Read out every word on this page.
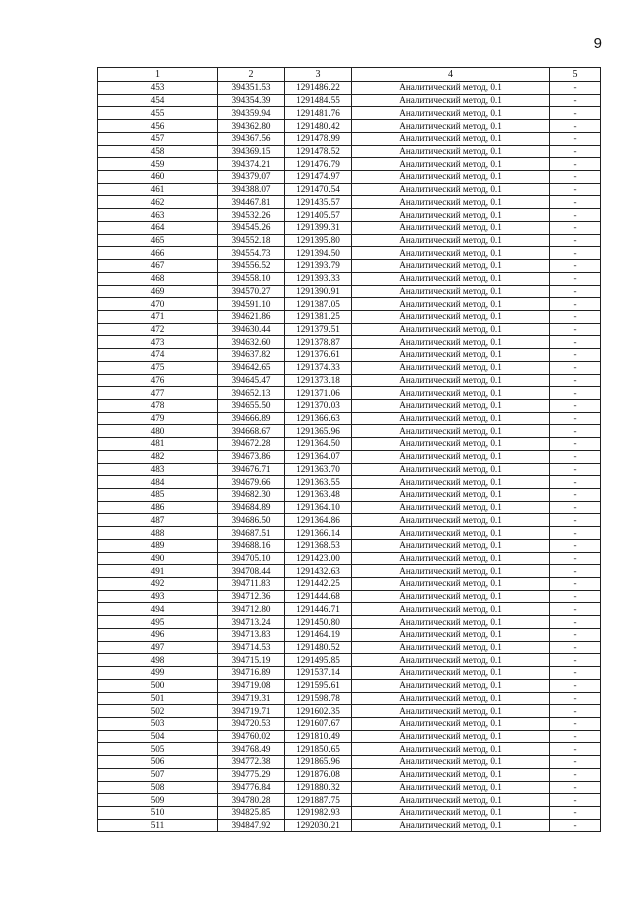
9
1	2	3	4	5
453	394351.53	1291486.22	Аналитический метод, 0.1	-
454	394354.39	1291484.55	Аналитический метод, 0.1	-
455	394359.94	1291481.76	Аналитический метод, 0.1	-
456	394362.80	1291480.42	Аналитический метод, 0.1	-
457	394367.56	1291478.99	Аналитический метод, 0.1	-
458	394369.15	1291478.52	Аналитический метод, 0.1	-
459	394374.21	1291476.79	Аналитический метод, 0.1	-
460	394379.07	1291474.97	Аналитический метод, 0.1	-
461	394388.07	1291470.54	Аналитический метод, 0.1	-
462	394467.81	1291435.57	Аналитический метод, 0.1	-
463	394532.26	1291405.57	Аналитический метод, 0.1	-
464	394545.26	1291399.31	Аналитический метод, 0.1	-
465	394552.18	1291395.80	Аналитический метод, 0.1	-
466	394554.73	1291394.50	Аналитический метод, 0.1	-
467	394556.52	1291393.79	Аналитический метод, 0.1	-
468	394558.10	1291393.33	Аналитический метод, 0.1	-
469	394570.27	1291390.91	Аналитический метод, 0.1	-
470	394591.10	1291387.05	Аналитический метод, 0.1	-
471	394621.86	1291381.25	Аналитический метод, 0.1	-
472	394630.44	1291379.51	Аналитический метод, 0.1	-
473	394632.60	1291378.87	Аналитический метод, 0.1	-
474	394637.82	1291376.61	Аналитический метод, 0.1	-
475	394642.65	1291374.33	Аналитический метод, 0.1	-
476	394645.47	1291373.18	Аналитический метод, 0.1	-
477	394652.13	1291371.06	Аналитический метод, 0.1	-
478	394655.50	1291370.03	Аналитический метод, 0.1	-
479	394666.89	1291366.63	Аналитический метод, 0.1	-
480	394668.67	1291365.96	Аналитический метод, 0.1	-
481	394672.28	1291364.50	Аналитический метод, 0.1	-
482	394673.86	1291364.07	Аналитический метод, 0.1	-
483	394676.71	1291363.70	Аналитический метод, 0.1	-
484	394679.66	1291363.55	Аналитический метод, 0.1	-
485	394682.30	1291363.48	Аналитический метод, 0.1	-
486	394684.89	1291364.10	Аналитический метод, 0.1	-
487	394686.50	1291364.86	Аналитический метод, 0.1	-
488	394687.51	1291366.14	Аналитический метод, 0.1	-
489	394688.16	1291368.53	Аналитический метод, 0.1	-
490	394705.10	1291423.00	Аналитический метод, 0.1	-
491	394708.44	1291432.63	Аналитический метод, 0.1	-
492	394711.83	1291442.25	Аналитический метод, 0.1	-
493	394712.36	1291444.68	Аналитический метод, 0.1	-
494	394712.80	1291446.71	Аналитический метод, 0.1	-
495	394713.24	1291450.80	Аналитический метод, 0.1	-
496	394713.83	1291464.19	Аналитический метод, 0.1	-
497	394714.53	1291480.52	Аналитический метод, 0.1	-
498	394715.19	1291495.85	Аналитический метод, 0.1	-
499	394716.89	1291537.14	Аналитический метод, 0.1	-
500	394719.08	1291595.61	Аналитический метод, 0.1	-
501	394719.31	1291598.78	Аналитический метод, 0.1	-
502	394719.71	1291602.35	Аналитический метод, 0.1	-
503	394720.53	1291607.67	Аналитический метод, 0.1	-
504	394760.02	1291810.49	Аналитический метод, 0.1	-
505	394768.49	1291850.65	Аналитический метод, 0.1	-
506	394772.38	1291865.96	Аналитический метод, 0.1	-
507	394775.29	1291876.08	Аналитический метод, 0.1	-
508	394776.84	1291880.32	Аналитический метод, 0.1	-
509	394780.28	1291887.75	Аналитический метод, 0.1	-
510	394825.85	1291982.93	Аналитический метод, 0.1	-
511	394847.92	1292030.21	Аналитический метод, 0.1	-
